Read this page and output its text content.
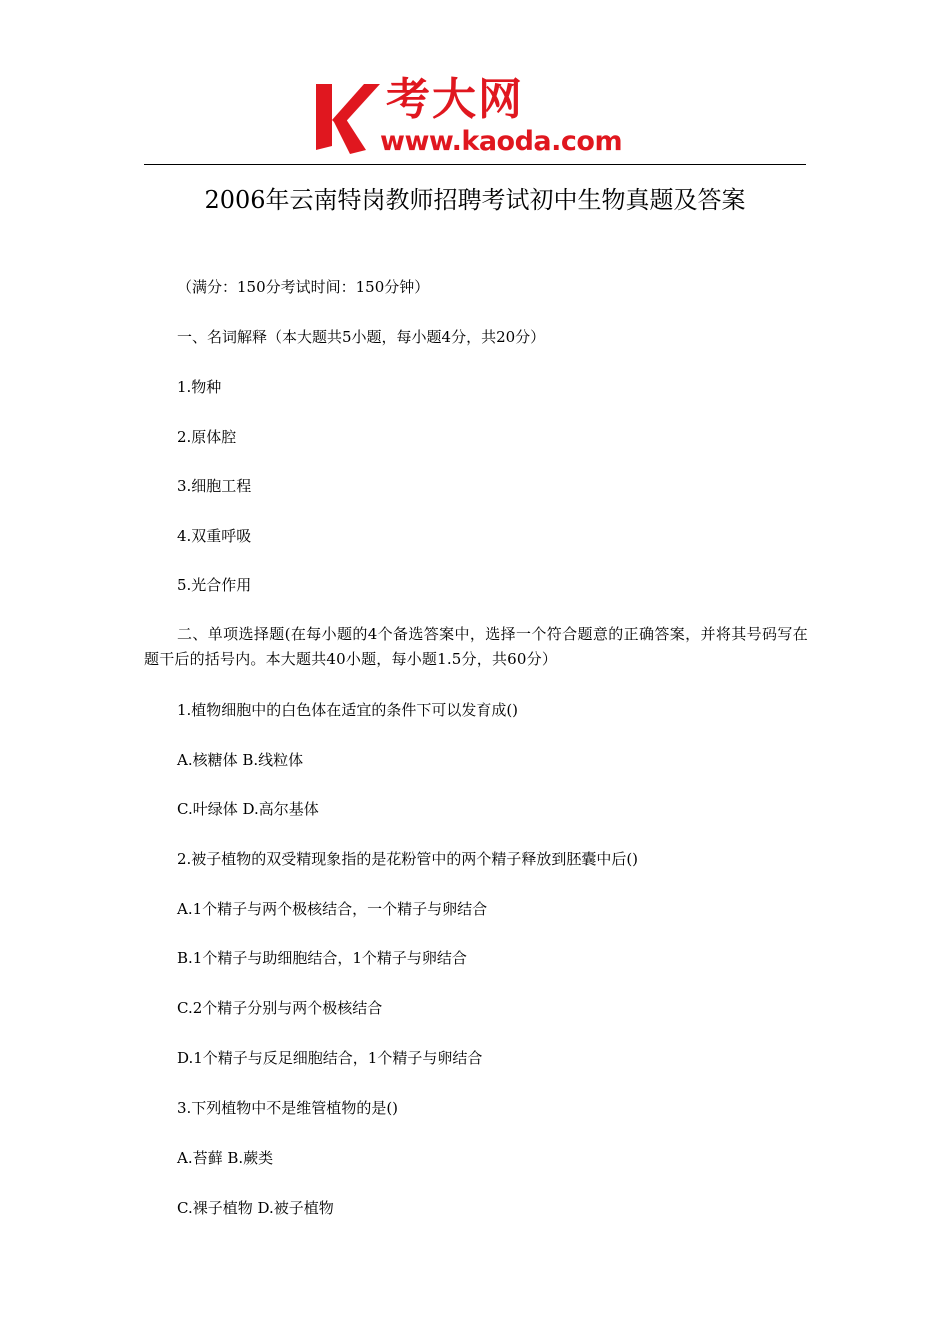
考大网
www.kaoda.com
2006年云南特岗教师招聘考试初中生物真题及答案
（满分：150分考试时间：150分钟）
一、名词解释（本大题共5小题，每小题4分，共20分）
1.物种
2.原体腔
3.细胞工程
4.双重呼吸
5.光合作用
二、单项选择题(在每小题的4个备选答案中，选择一个符合题意的正确答案，并将其号码写在题干后的括号内。本大题共40小题，每小题1.5分，共60分）
1.植物细胞中的白色体在适宜的条件下可以发育成()
A.核糖体 B.线粒体
C.叶绿体 D.高尔基体
2.被子植物的双受精现象指的是花粉管中的两个精子释放到胚囊中后()
A.1个精子与两个极核结合，一个精子与卵结合
B.1个精子与助细胞结合，1个精子与卵结合
C.2个精子分别与两个极核结合
D.1个精子与反足细胞结合，1个精子与卵结合
3.下列植物中不是维管植物的是()
A.苔藓 B.蕨类
C.裸子植物 D.被子植物
